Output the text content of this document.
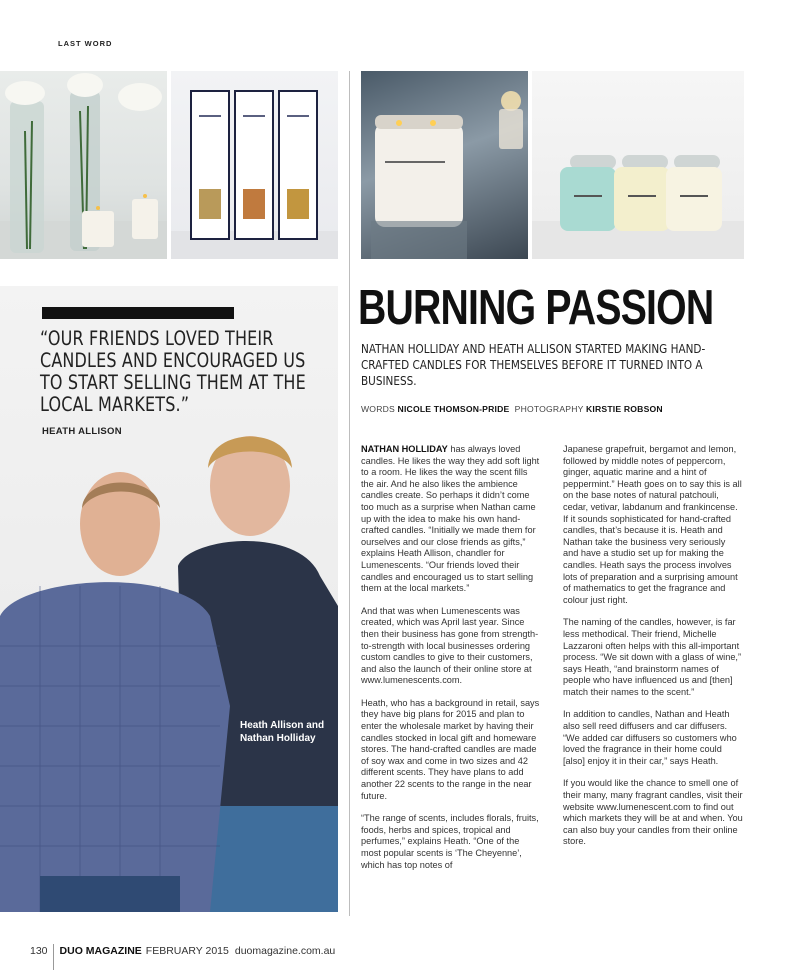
LAST WORD
“OUR FRIENDS LOVED THEIR CANDLES AND ENCOURAGED US TO START SELLING THEM AT THE LOCAL MARKETS.”
HEATH ALLISON
Heath Allison and Nathan Holliday
BURNING PASSION
NATHAN HOLLIDAY AND HEATH ALLISON STARTED MAKING HAND-CRAFTED CANDLES FOR THEMSELVES BEFORE IT TURNED INTO A BUSINESS.
WORDS NICOLE THOMSON-PRIDE PHOTOGRAPHY KIRSTIE ROBSON

NATHAN HOLLIDAY has always loved candles. He likes the way they add soft light to a room. He likes the way the scent fills the air. And he also likes the ambience candles create. So perhaps it didn’t come too much as a surprise when Nathan came up with the idea to make his own hand-crafted candles. “Initially we made them for ourselves and our close friends as gifts,” explains Heath Allison, chandler for Lumenescents. “Our friends loved their candles and encouraged us to start selling them at the local markets.”

And that was when Lumenescents was created, which was April last year. Since then their business has gone from strength-to-strength with local businesses ordering custom candles to give to their customers, and also the launch of their online store at www.lumenescents.com.

Heath, who has a background in retail, says they have big plans for 2015 and plan to enter the wholesale market by having their candles stocked in local gift and homeware stores. The hand-crafted candles are made of soy wax and come in two sizes and 42 different scents. They have plans to add another 22 scents to the range in the near future.

“The range of scents, includes florals, fruits, foods, herbs and spices, tropical and perfumes,” explains Heath. “One of the most popular scents is ‘The Cheyenne’, which has top notes of

Japanese grapefruit, bergamot and lemon, followed by middle notes of peppercorn, ginger, aquatic marine and a hint of peppermint.” Heath goes on to say this is all on the base notes of natural patchouli, cedar, vetivar, labdanum and frankincense.

If it sounds sophisticated for hand-crafted candles, that’s because it is. Heath and Nathan take the business very seriously and have a studio set up for making the candles. Heath says the process involves lots of preparation and a surprising amount of mathematics to get the fragrance and colour just right.

The naming of the candles, however, is far less methodical. Their friend, Michelle Lazzaroni often helps with this all-important process. “We sit down with a glass of wine,” says Heath, “and brainstorm names of people who have influenced us and [then] match their names to the scent.”

In addition to candles, Nathan and Heath also sell reed diffusers and car diffusers. “We added car diffusers so customers who loved the fragrance in their home could [also] enjoy it in their car,” says Heath.

If you would like the chance to smell one of their many, many fragrant candles, visit their website www.lumenescent.com to find out which markets they will be at and when. You can also buy your candles from their online store.

130 DUO MAGAZINE FEBRUARY 2015 duomagazine.com.au
